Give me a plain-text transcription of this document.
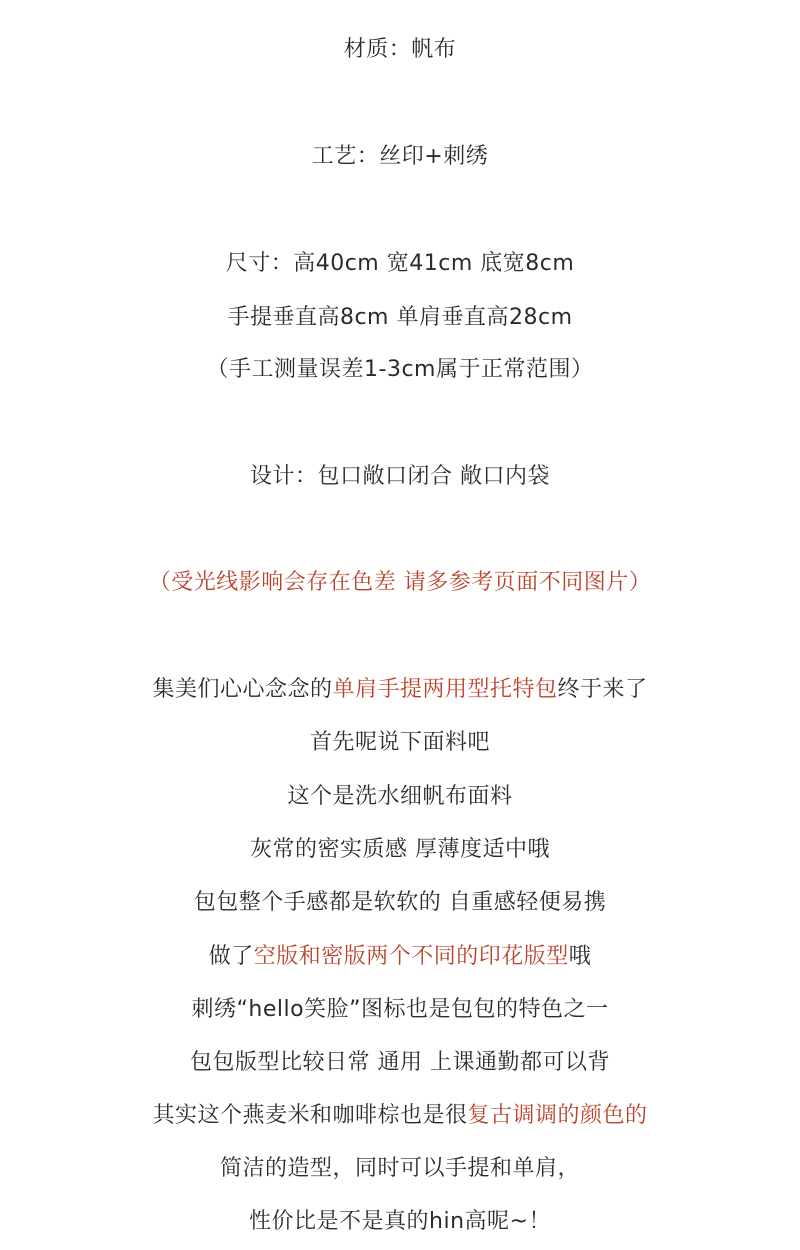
材质：帆布
工艺：丝印+刺绣
尺寸：高40cm 宽41cm 底宽8cm
手提垂直高8cm 单肩垂直高28cm
（手工测量误差1-3cm属于正常范围）
设计：包口敞口闭合 敞口内袋
（受光线影响会存在色差 请多参考页面不同图片）
集美们心心念念的单肩手提两用型托特包终于来了
首先呢说下面料吧
这个是洗水细帆布面料
灰常的密实质感 厚薄度适中哦
包包整个手感都是软软的 自重感轻便易携
做了空版和密版两个不同的印花版型哦
刺绣“hello笑脸”图标也是包包的特色之一
包包版型比较日常 通用 上课通勤都可以背
其实这个燕麦米和咖啡棕也是很复古调调的颜色的
简洁的造型，同时可以手提和单肩，
性价比是不是真的hin高呢~！
